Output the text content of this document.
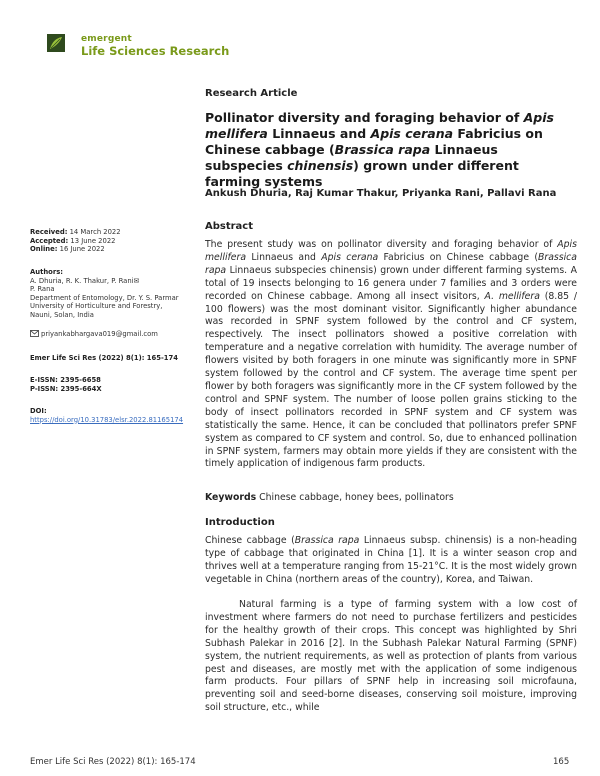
emergent
Life Sciences Research
Research Article
Pollinator diversity and foraging behavior of Apis mellifera Linnaeus and Apis cerana Fabricius on Chinese cabbage (Brassica rapa Linnaeus subspecies chinensis) grown under different farming systems
Ankush Dhuria, Raj Kumar Thakur, Priyanka Rani, Pallavi Rana
Abstract
The present study was on pollinator diversity and foraging behavior of Apis mellifera Linnaeus and Apis cerana Fabricius on Chinese cabbage (Brassica rapa Linnaeus subspecies chinensis) grown under different farming systems. A total of 19 insects belonging to 16 genera under 7 families and 3 orders were recorded on Chinese cabbage. Among all insect visitors, A. mellifera (8.85 / 100 flowers) was the most dominant visitor. Significantly higher abundance was recorded in SPNF system followed by the control and CF system, respectively. The insect pollinators showed a positive correlation with temperature and a negative correlation with humidity. The average number of flowers visited by both foragers in one minute was significantly more in SPNF system followed by the control and CF system. The average time spent per flower by both foragers was significantly more in the CF system followed by the control and SPNF system. The number of loose pollen grains sticking to the body of insect pollinators recorded in SPNF system and CF system was statistically the same. Hence, it can be concluded that pollinators prefer SPNF system as compared to CF system and control. So, due to enhanced pollination in SPNF system, farmers may obtain more yields if they are consistent with the timely application of indigenous farm products.
Keywords Chinese cabbage, honey bees, pollinators
Introduction
Chinese cabbage (Brassica rapa Linnaeus subsp. chinensis) is a non-heading type of cabbage that originated in China [1]. It is a winter season crop and thrives well at a temperature ranging from 15-21°C. It is the most widely grown vegetable in China (northern areas of the country), Korea, and Taiwan.
Natural farming is a type of farming system with a low cost of investment where farmers do not need to purchase fertilizers and pesticides for the healthy growth of their crops. This concept was highlighted by Shri Subhash Palekar in 2016 [2]. In the Subhash Palekar Natural Farming (SPNF) system, the nutrient requirements, as well as protection of plants from various pest and diseases, are mostly met with the application of some indigenous farm products. Four pillars of SPNF help in increasing soil microfauna, preventing soil and seed-borne diseases, conserving soil moisture, improving soil structure, etc., while
Received: 14 March 2022
Accepted: 13 June 2022
Online: 16 June 2022
Authors:
A. Dhuria, R. K. Thakur, P. Rani✉
P. Rana
Department of Entomology, Dr. Y. S. Parmar
University of Horticulture and Forestry,
Nauni, Solan, India
priyankabhargava019@gmail.com
Emer Life Sci Res (2022) 8(1): 165-174
E-ISSN: 2395-6658
P-ISSN: 2395-664X
DOI: https://doi.org/10.31783/elsr.2022.81165174
Emer Life Sci Res (2022) 8(1): 165-174	165
